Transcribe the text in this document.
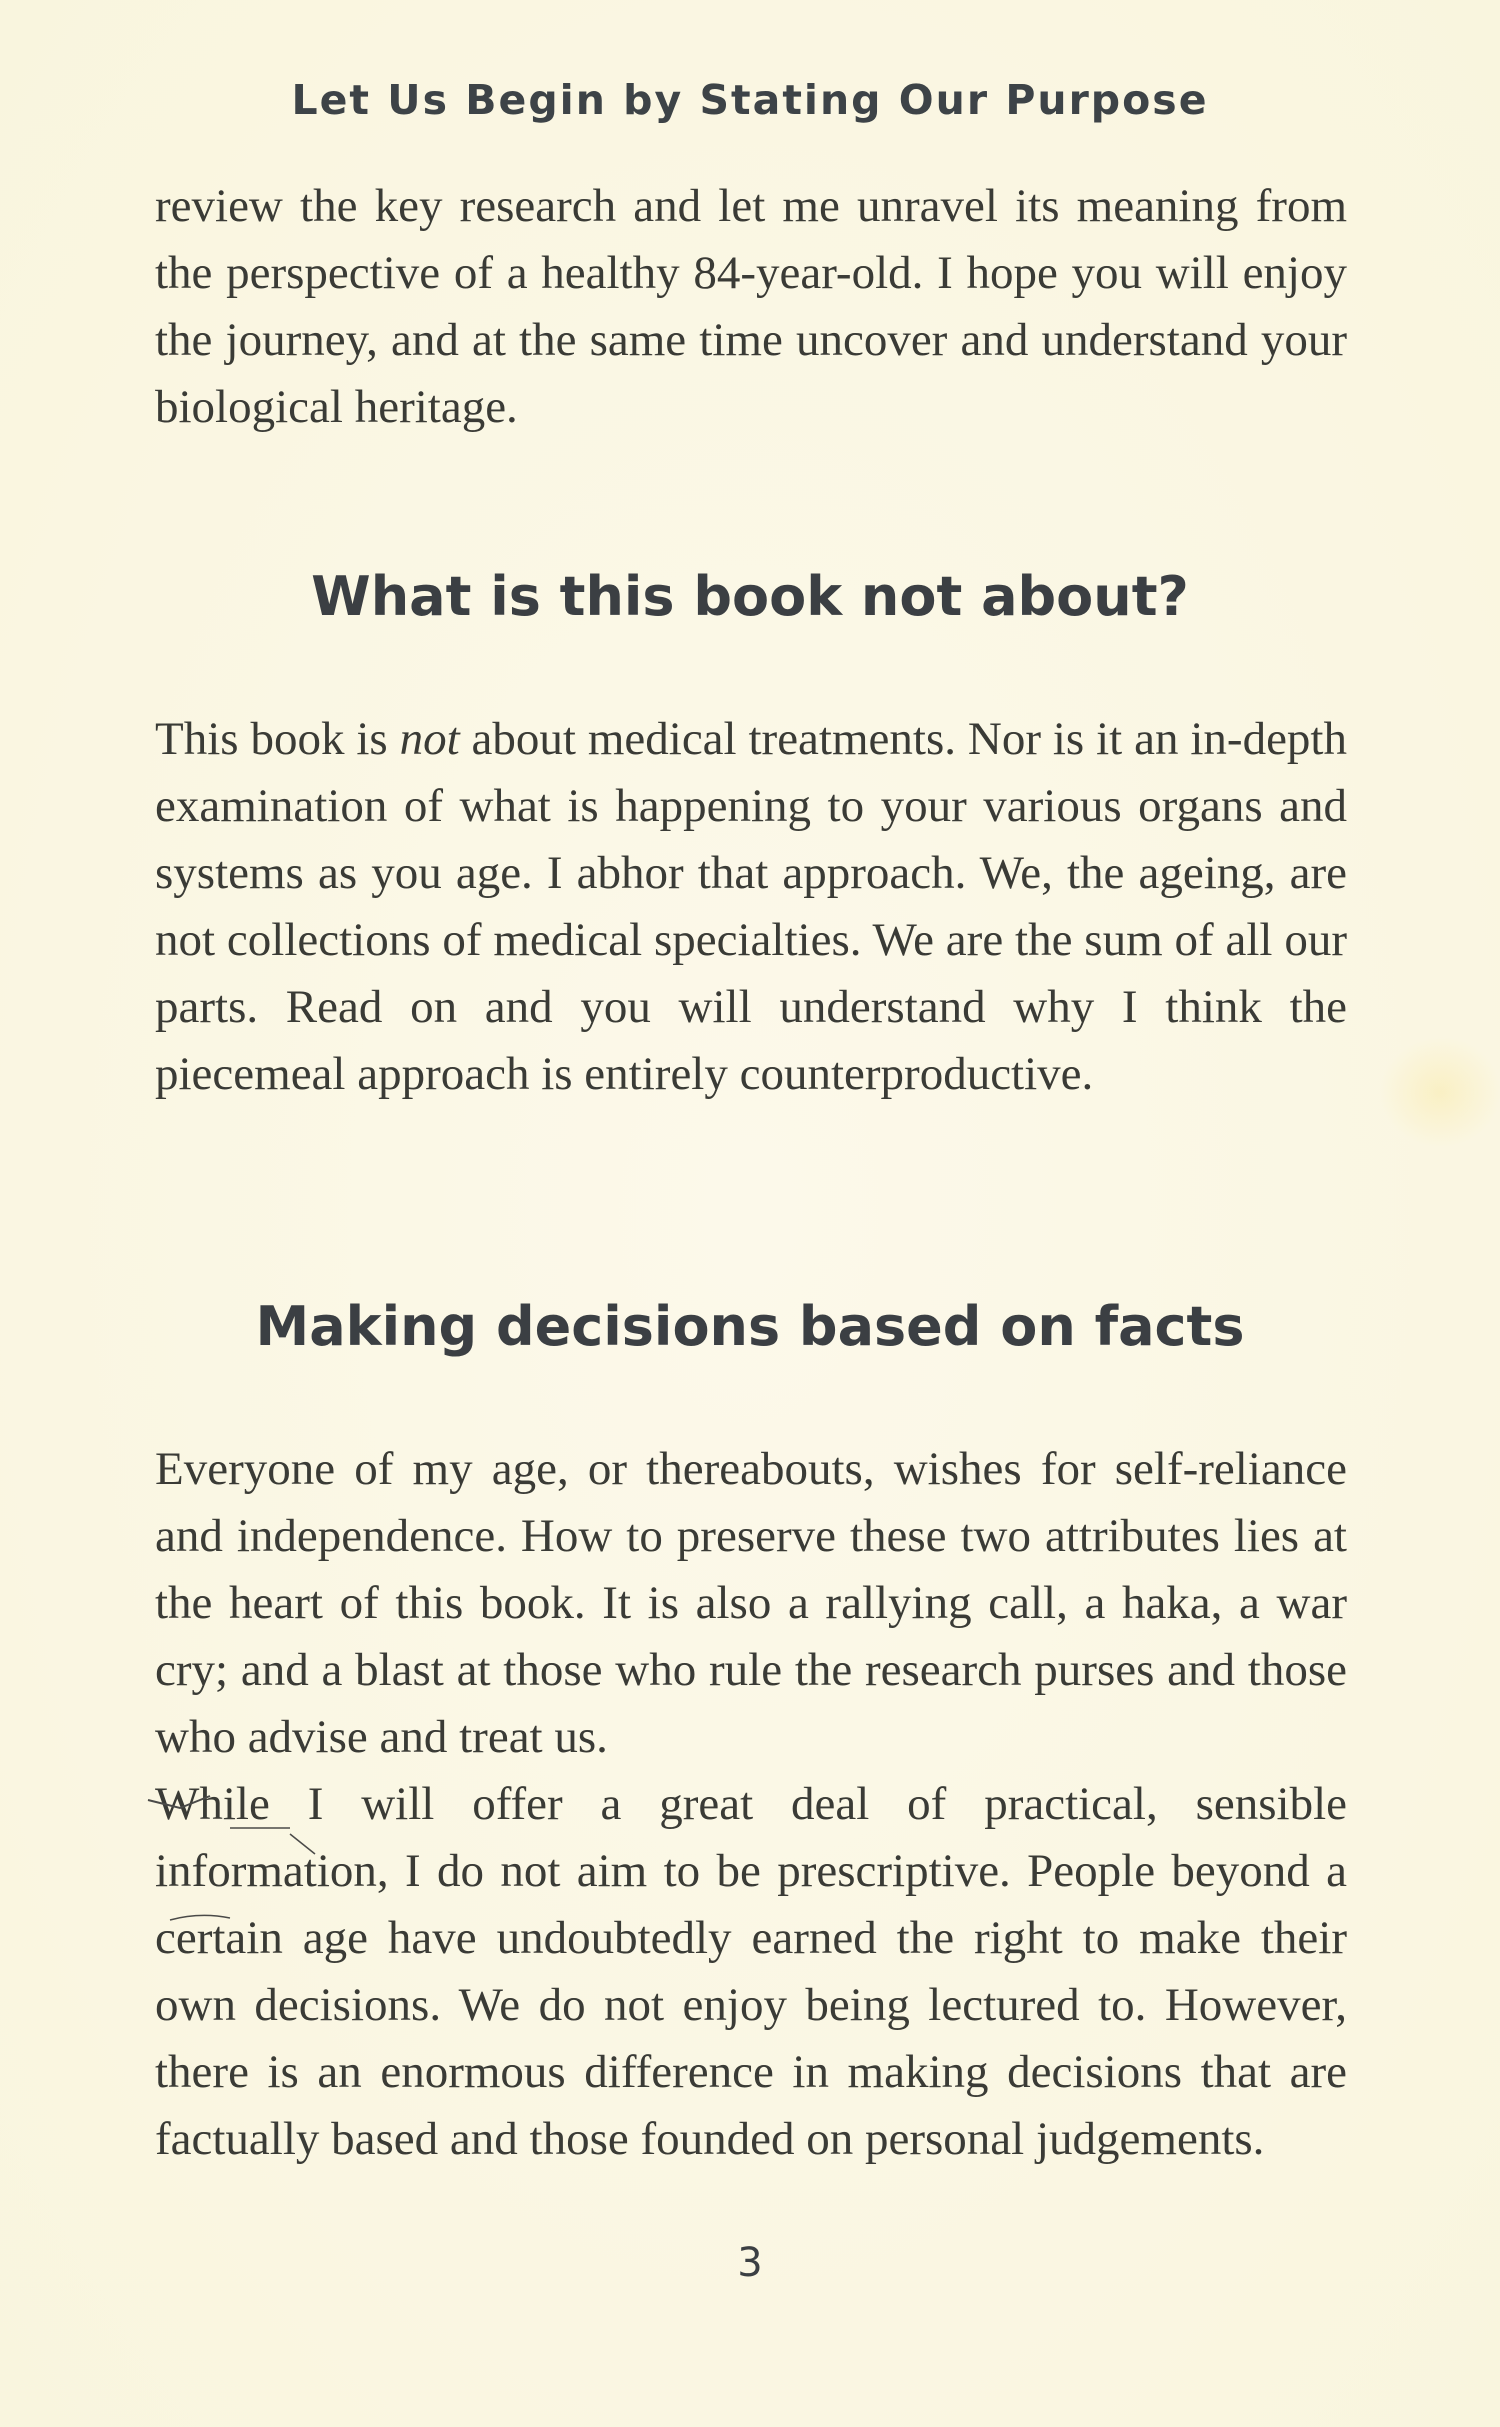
Let Us Begin by Stating Our Purpose

review the key research and let me unravel its meaning from the perspective of a healthy 84-year-old. I hope you will enjoy the journey, and at the same time uncover and understand your biological heritage.

What is this book not about?

This book is not about medical treatments. Nor is it an in-depth examination of what is happening to your various organs and systems as you age. I abhor that approach. We, the ageing, are not collections of medical specialties. We are the sum of all our parts. Read on and you will understand why I think the piecemeal approach is entirely counterproductive.

Making decisions based on facts

Everyone of my age, or thereabouts, wishes for self-reliance and independence. How to preserve these two attributes lies at the heart of this book. It is also a rallying call, a haka, a war cry; and a blast at those who rule the research purses and those who advise and treat us.

While I will offer a great deal of practical, sensible information, I do not aim to be prescriptive. People beyond a certain age have undoubtedly earned the right to make their own decisions. We do not enjoy being lectured to. However, there is an enormous difference in making decisions that are factually based and those founded on personal judgements.

3
